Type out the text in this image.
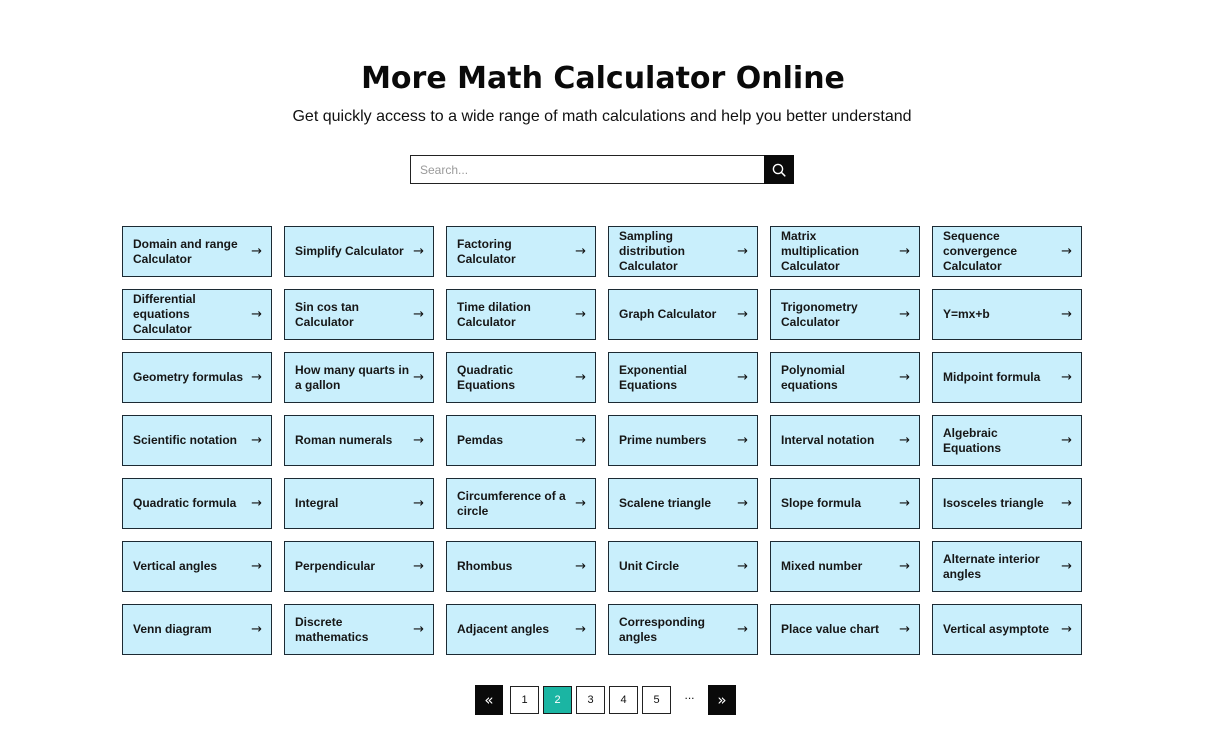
More Math Calculator Online

Get quickly access to a wide range of math calculations and help you better understand

Search...
Domain and range Calculator	→	Simplify Calculator →
Factoring Calculator	→
Sampling distribution Calculator
→
Matrix multiplication Calculator
→
Sequence convergence Calculator
→
Differential equations Calculator
→
Sin cos tan Calculator	→
Time dilation Calculator	→	Graph Calculator	→
Trigonometry Calculator	→	Y=mx+b	→
Geometry formulas →
How many quarts in a gallon	→
Quadratic Equations	→
Exponential Equations	→
Polynomial equations	→	Midpoint formula	→
Scientific notation	→	Roman numerals	→	Pemdas	→	Prime numbers	→	Interval notation	→
Algebraic Equations	→
Quadratic formula	→	Integral	→
Circumference of a circle	→	Scalene triangle	→	Slope formula	→	Isosceles triangle	→
Vertical angles	→	Perpendicular	→	Rhombus	→	Unit Circle	→	Mixed number	→
Alternate interior angles	→
Venn diagram	→
Discrete mathematics	→	Adjacent angles	→
Corresponding angles	→	Place value chart	→	Vertical asymptote →
«	1	2	3	4	5	...	»
